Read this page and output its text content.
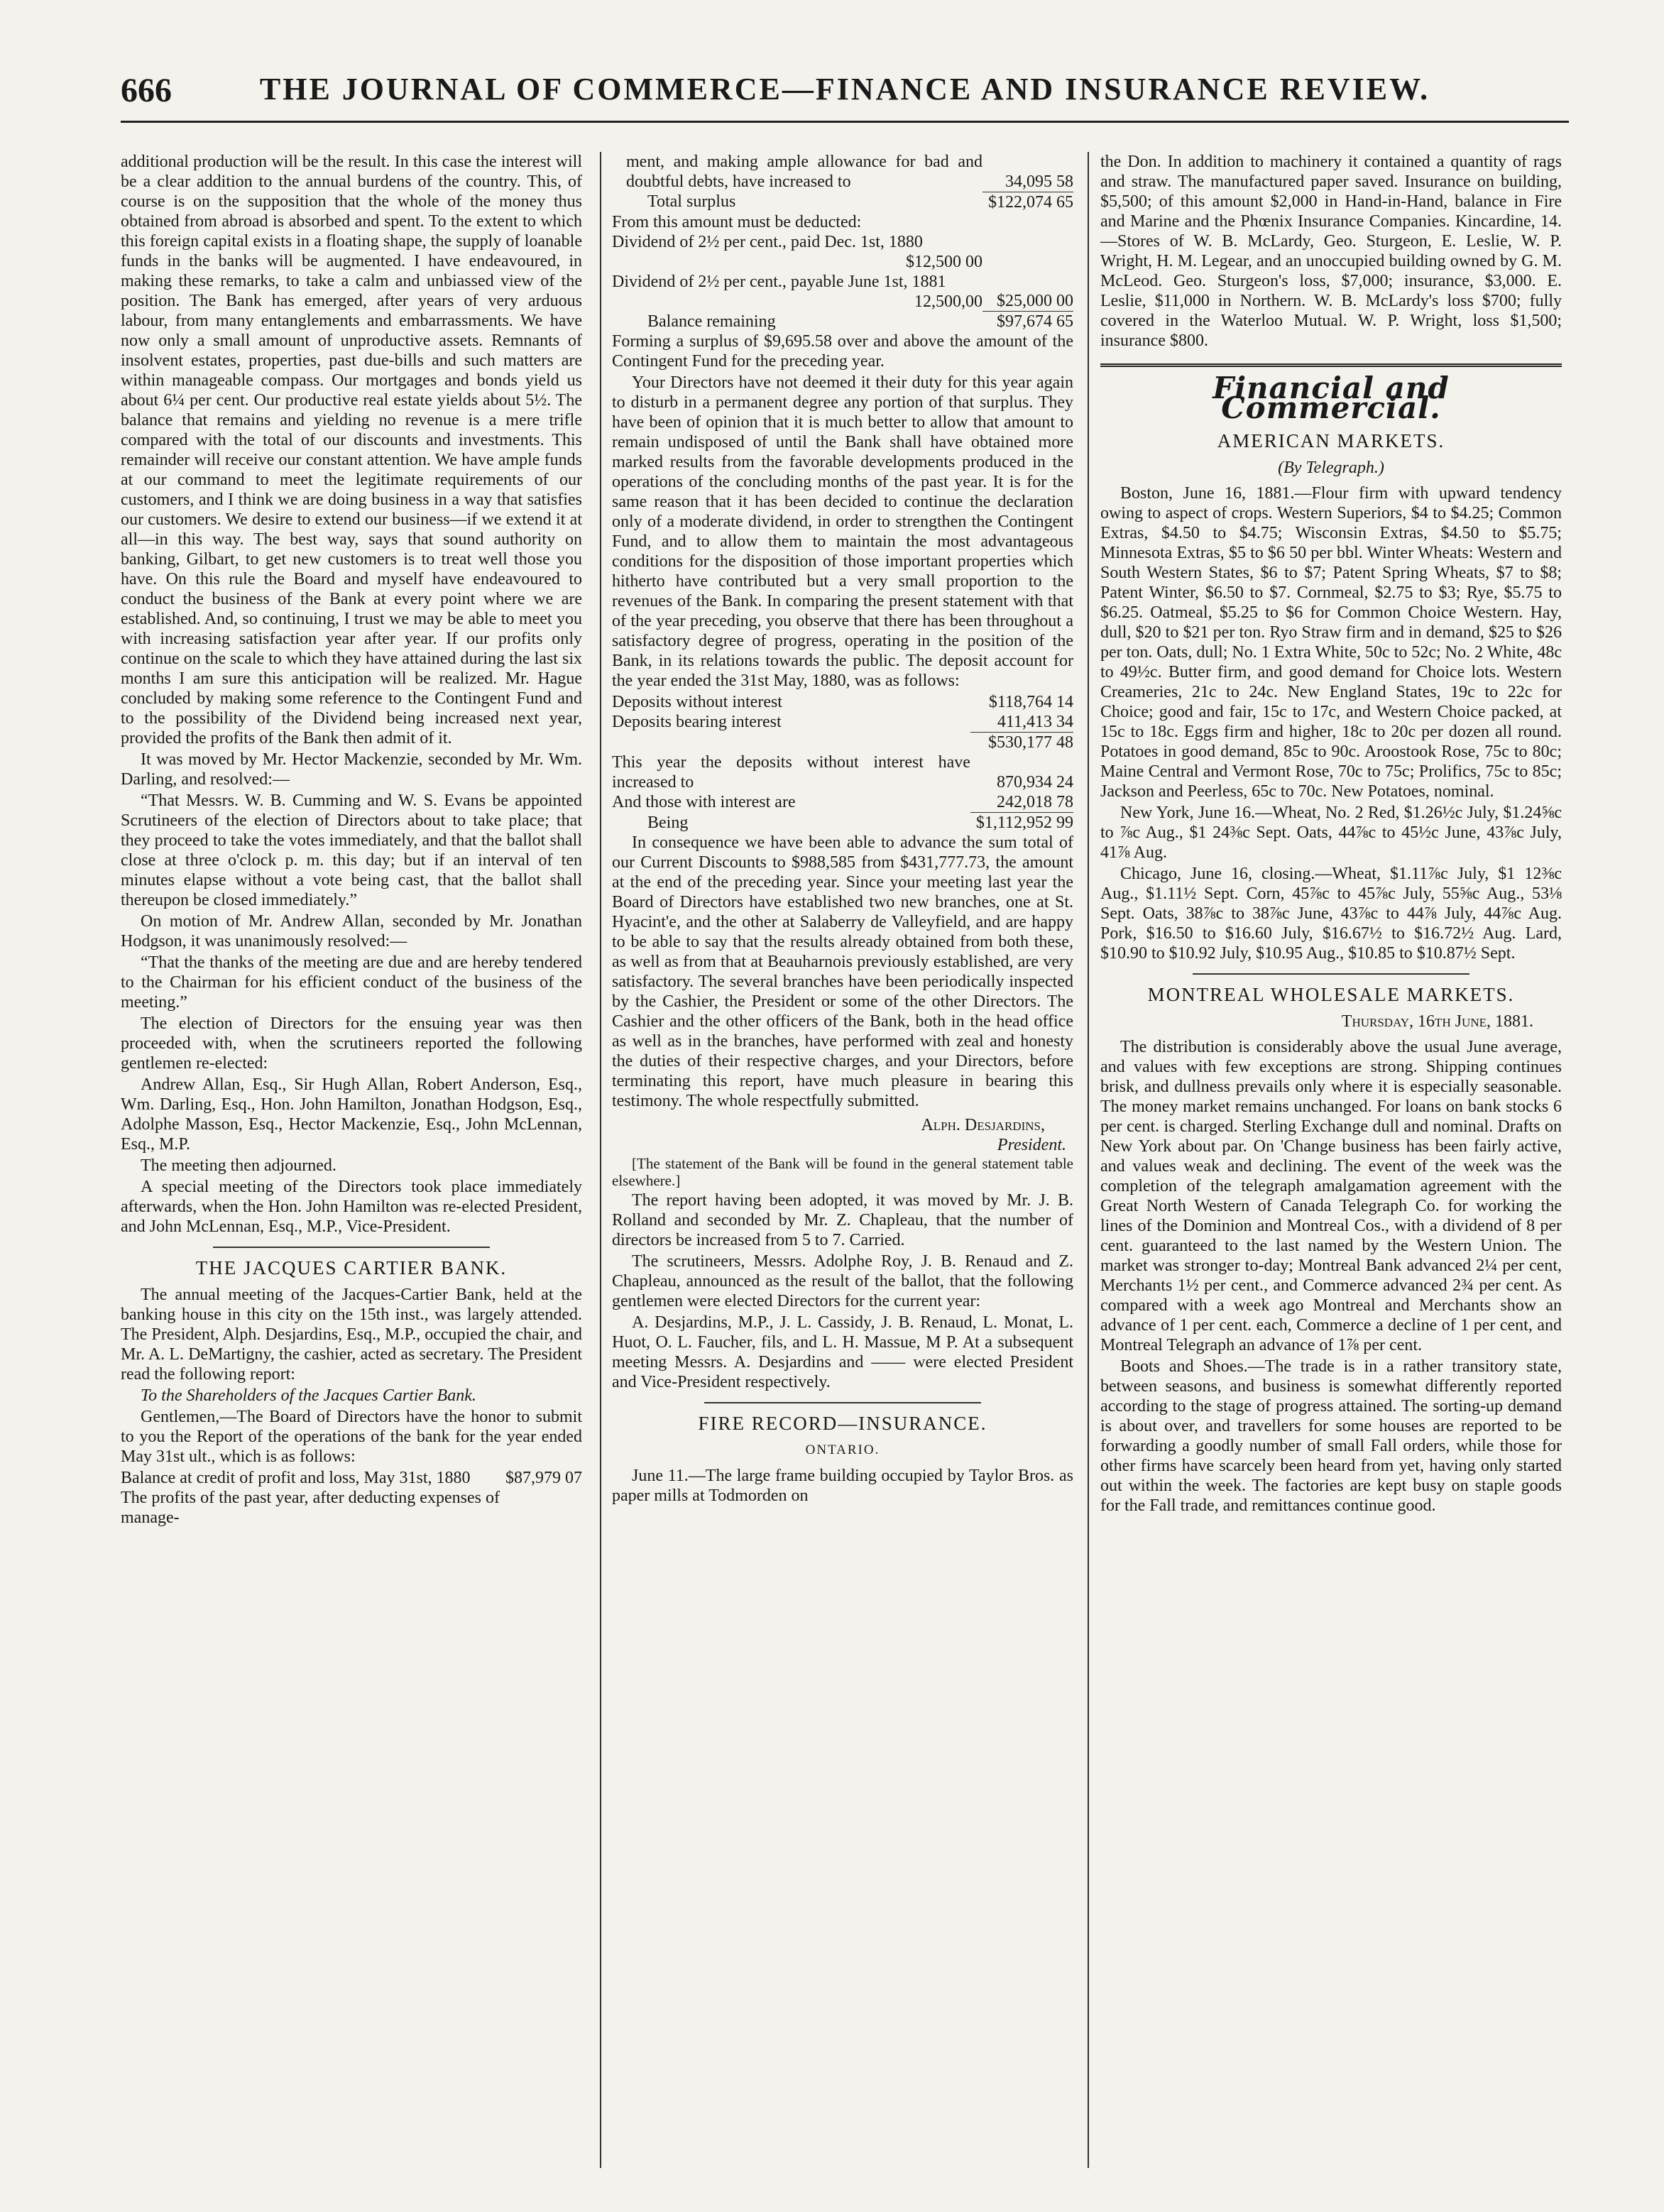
666	THE JOURNAL OF COMMERCE—FINANCE AND INSURANCE REVIEW.

additional production will be the result. In this case the interest will be a clear addition to the annual burdens of the country. This, of course is on the supposition that the whole of the money thus obtained from abroad is absorbed and spent. To the extent to which this foreign capital exists in a floating shape, the supply of loanable funds in the banks will be augmented. I have endeavoured, in making these remarks, to take a calm and unbiassed view of the position. The Bank has emerged, after years of very arduous labour, from many entanglements and embarrassments. We have now only a small amount of unproductive assets. Remnants of insolvent estates, properties, past due-bills and such matters are within manageable compass. Our mortgages and bonds yield us about 6¼ per cent. Our productive real estate yields about 5½. The balance that remains and yielding no revenue is a mere trifle compared with the total of our discounts and investments. This remainder will receive our constant attention. We have ample funds at our command to meet the legitimate requirements of our customers, and I think we are doing business in a way that satisfies our customers. We desire to extend our business—if we extend it at all—in this way. The best way, says that sound authority on banking, Gilbart, to get new customers is to treat well those you have. On this rule the Board and myself have endeavoured to conduct the business of the Bank at every point where we are established. And, so continuing, I trust we may be able to meet you with increasing satisfaction year after year. If our profits only continue on the scale to which they have attained during the last six months I am sure this anticipation will be realized. Mr. Hague concluded by making some reference to the Contingent Fund and to the possibility of the Dividend being increased next year, provided the profits of the Bank then admit of it.

It was moved by Mr. Hector Mackenzie, seconded by Mr. Wm. Darling, and resolved:—

“That Messrs. W. B. Cumming and W. S. Evans be appointed Scrutineers of the election of Directors about to take place; that they proceed to take the votes immediately, and that the ballot shall close at three o'clock p. m. this day; but if an interval of ten minutes elapse without a vote being cast, that the ballot shall thereupon be closed immediately.”

On motion of Mr. Andrew Allan, seconded by Mr. Jonathan Hodgson, it was unanimously resolved:—

“That the thanks of the meeting are due and are hereby tendered to the Chairman for his efficient conduct of the business of the meeting.”

The election of Directors for the ensuing year was then proceeded with, when the scrutineers reported the following gentlemen re-elected:

Andrew Allan, Esq., Sir Hugh Allan, Robert Anderson, Esq., Wm. Darling, Esq., Hon. John Hamilton, Jonathan Hodgson, Esq., Adolphe Masson, Esq., Hector Mackenzie, Esq., John McLennan, Esq., M.P.

The meeting then adjourned.

A special meeting of the Directors took place immediately afterwards, when the Hon. John Hamilton was re-elected President, and John McLennan, Esq., M.P., Vice-President.

THE JACQUES CARTIER BANK.

The annual meeting of the Jacques-Cartier Bank, held at the banking house in this city on the 15th inst., was largely attended. The President, Alph. Desjardins, Esq., M.P., occupied the chair, and Mr. A. L. DeMartigny, the cashier, acted as secretary. The President read the following report:

To the Shareholders of the Jacques Cartier Bank.

Gentlemen,—The Board of Directors have the honor to submit to you the Report of the operations of the bank for the year ended May 31st ult., which is as follows:

Balance at credit of profit and loss, May 31st, 1880	$87,979 07
The profits of the past year, after deducting expenses of manage-	
ment, and making ample allowance for bad and doubtful debts, have increased to	34,095 58
Total surplus	$122,074 65
From this amount must be deducted:	
Dividend of 2½ per cent., paid Dec. 1st, 1880
$12,500 00	

Dividend of 2½ per cent., payable June 1st, 1881
12,500,00	$25,000 00
Balance remaining	$97,674 65

Forming a surplus of $9,695.58 over and above the amount of the Contingent Fund for the preceding year.

Your Directors have not deemed it their duty for this year again to disturb in a permanent degree any portion of that surplus. They have been of opinion that it is much better to allow that amount to remain undisposed of until the Bank shall have obtained more marked results from the favorable developments produced in the operations of the concluding months of the past year. It is for the same reason that it has been decided to continue the declaration only of a moderate dividend, in order to strengthen the Contingent Fund, and to allow them to maintain the most advantageous conditions for the disposition of those important properties which hitherto have contributed but a very small proportion to the revenues of the Bank. In comparing the present statement with that of the year preceding, you observe that there has been throughout a satisfactory degree of progress, operating in the position of the Bank, in its relations towards the public. The deposit account for the year ended the 31st May, 1880, was as follows:

Deposits without interest	$118,764 14
Deposits bearing interest	411,413 34
	$530,177 48
This year the deposits without interest have increased to	870,934 24
And those with interest are	242,018 78
Being	$1,112,952 99

In consequence we have been able to advance the sum total of our Current Discounts to $988,585 from $431,777.73, the amount at the end of the preceding year. Since your meeting last year the Board of Directors have established two new branches, one at St. Hyacint'e, and the other at Salaberry de Valleyfield, and are happy to be able to say that the results already obtained from both these, as well as from that at Beauharnois previously established, are very satisfactory. The several branches have been periodically inspected by the Cashier, the President or some of the other Directors. The Cashier and the other officers of the Bank, both in the head office as well as in the branches, have performed with zeal and honesty the duties of their respective charges, and your Directors, before terminating this report, have much pleasure in bearing this testimony. The whole respectfully submitted.

Alph. Desjardins,
President.

[The statement of the Bank will be found in the general statement table elsewhere.]

The report having been adopted, it was moved by Mr. J. B. Rolland and seconded by Mr. Z. Chapleau, that the number of directors be increased from 5 to 7. Carried.

The scrutineers, Messrs. Adolphe Roy, J. B. Renaud and Z. Chapleau, announced as the result of the ballot, that the following gentlemen were elected Directors for the current year:

A. Desjardins, M.P., J. L. Cassidy, J. B. Renaud, L. Monat, L. Huot, O. L. Faucher, fils, and L. H. Massue, M P. At a subsequent meeting Messrs. A. Desjardins and —— were elected President and Vice-President respectively.

FIRE RECORD—INSURANCE.
ONTARIO.

June 11.—The large frame building occupied by Taylor Bros. as paper mills at Todmorden on

the Don. In addition to machinery it contained a quantity of rags and straw. The manufactured paper saved. Insurance on building, $5,500; of this amount $2,000 in Hand-in-Hand, balance in Fire and Marine and the Phœnix Insurance Companies. Kincardine, 14.—Stores of W. B. McLardy, Geo. Sturgeon, E. Leslie, W. P. Wright, H. M. Legear, and an unoccupied building owned by G. M. McLeod. Geo. Sturgeon's loss, $7,000; insurance, $3,000. E. Leslie, $11,000 in Northern. W. B. McLardy's loss $700; fully covered in the Waterloo Mutual. W. P. Wright, loss $1,500; insurance $800.

Financial and Commercial.
AMERICAN MARKETS.
(By Telegraph.)

Boston, June 16, 1881.—Flour firm with upward tendency owing to aspect of crops. Western Superiors, $4 to $4.25; Common Extras, $4.50 to $4.75; Wisconsin Extras, $4.50 to $5.75; Minnesota Extras, $5 to $6 50 per bbl. Winter Wheats: Western and South Western States, $6 to $7; Patent Spring Wheats, $7 to $8; Patent Winter, $6.50 to $7. Cornmeal, $2.75 to $3; Rye, $5.75 to $6.25. Oatmeal, $5.25 to $6 for Common Choice Western. Hay, dull, $20 to $21 per ton. Ryo Straw firm and in demand, $25 to $26 per ton. Oats, dull; No. 1 Extra White, 50c to 52c; No. 2 White, 48c to 49½c. Butter firm, and good demand for Choice lots. Western Creameries, 21c to 24c. New England States, 19c to 22c for Choice; good and fair, 15c to 17c, and Western Choice packed, at 15c to 18c. Eggs firm and higher, 18c to 20c per dozen all round. Potatoes in good demand, 85c to 90c. Aroostook Rose, 75c to 80c; Maine Central and Vermont Rose, 70c to 75c; Prolifics, 75c to 85c; Jackson and Peerless, 65c to 70c. New Potatoes, nominal.

New York, June 16.—Wheat, No. 2 Red, $1.26½c July, $1.24⅝c to ⅞c Aug., $1 24⅜c Sept. Oats, 44⅞c to 45½c June, 43⅞c July, 41⅞ Aug.

Chicago, June 16, closing.—Wheat, $1.11⅞c July, $1 12⅜c Aug., $1.11½ Sept. Corn, 45⅞c to 45⅞c July, 55⅝c Aug., 53⅛ Sept. Oats, 38⅞c to 38⅞c June, 43⅞c to 44⅞ July, 44⅞c Aug. Pork, $16.50 to $16.60 July, $16.67½ to $16.72½ Aug. Lard, $10.90 to $10.92 July, $10.95 Aug., $10.85 to $10.87½ Sept.

MONTREAL WHOLESALE MARKETS.
Thursday, 16th June, 1881.

The distribution is considerably above the usual June average, and values with few exceptions are strong. Shipping continues brisk, and dullness prevails only where it is especially seasonable. The money market remains unchanged. For loans on bank stocks 6 per cent. is charged. Sterling Exchange dull and nominal. Drafts on New York about par. On 'Change business has been fairly active, and values weak and declining. The event of the week was the completion of the telegraph amalgamation agreement with the Great North Western of Canada Telegraph Co. for working the lines of the Dominion and Montreal Cos., with a dividend of 8 per cent. guaranteed to the last named by the Western Union. The market was stronger to-day; Montreal Bank advanced 2¼ per cent, Merchants 1½ per cent., and Commerce advanced 2¾ per cent. As compared with a week ago Montreal and Merchants show an advance of 1 per cent. each, Commerce a decline of 1 per cent, and Montreal Telegraph an advance of 1⅞ per cent.

Boots and Shoes.—The trade is in a rather transitory state, between seasons, and business is somewhat differently reported according to the stage of progress attained. The sorting-up demand is about over, and travellers for some houses are reported to be forwarding a goodly number of small Fall orders, while those for other firms have scarcely been heard from yet, having only started out within the week. The factories are kept busy on staple goods for the Fall trade, and remittances continue good.
